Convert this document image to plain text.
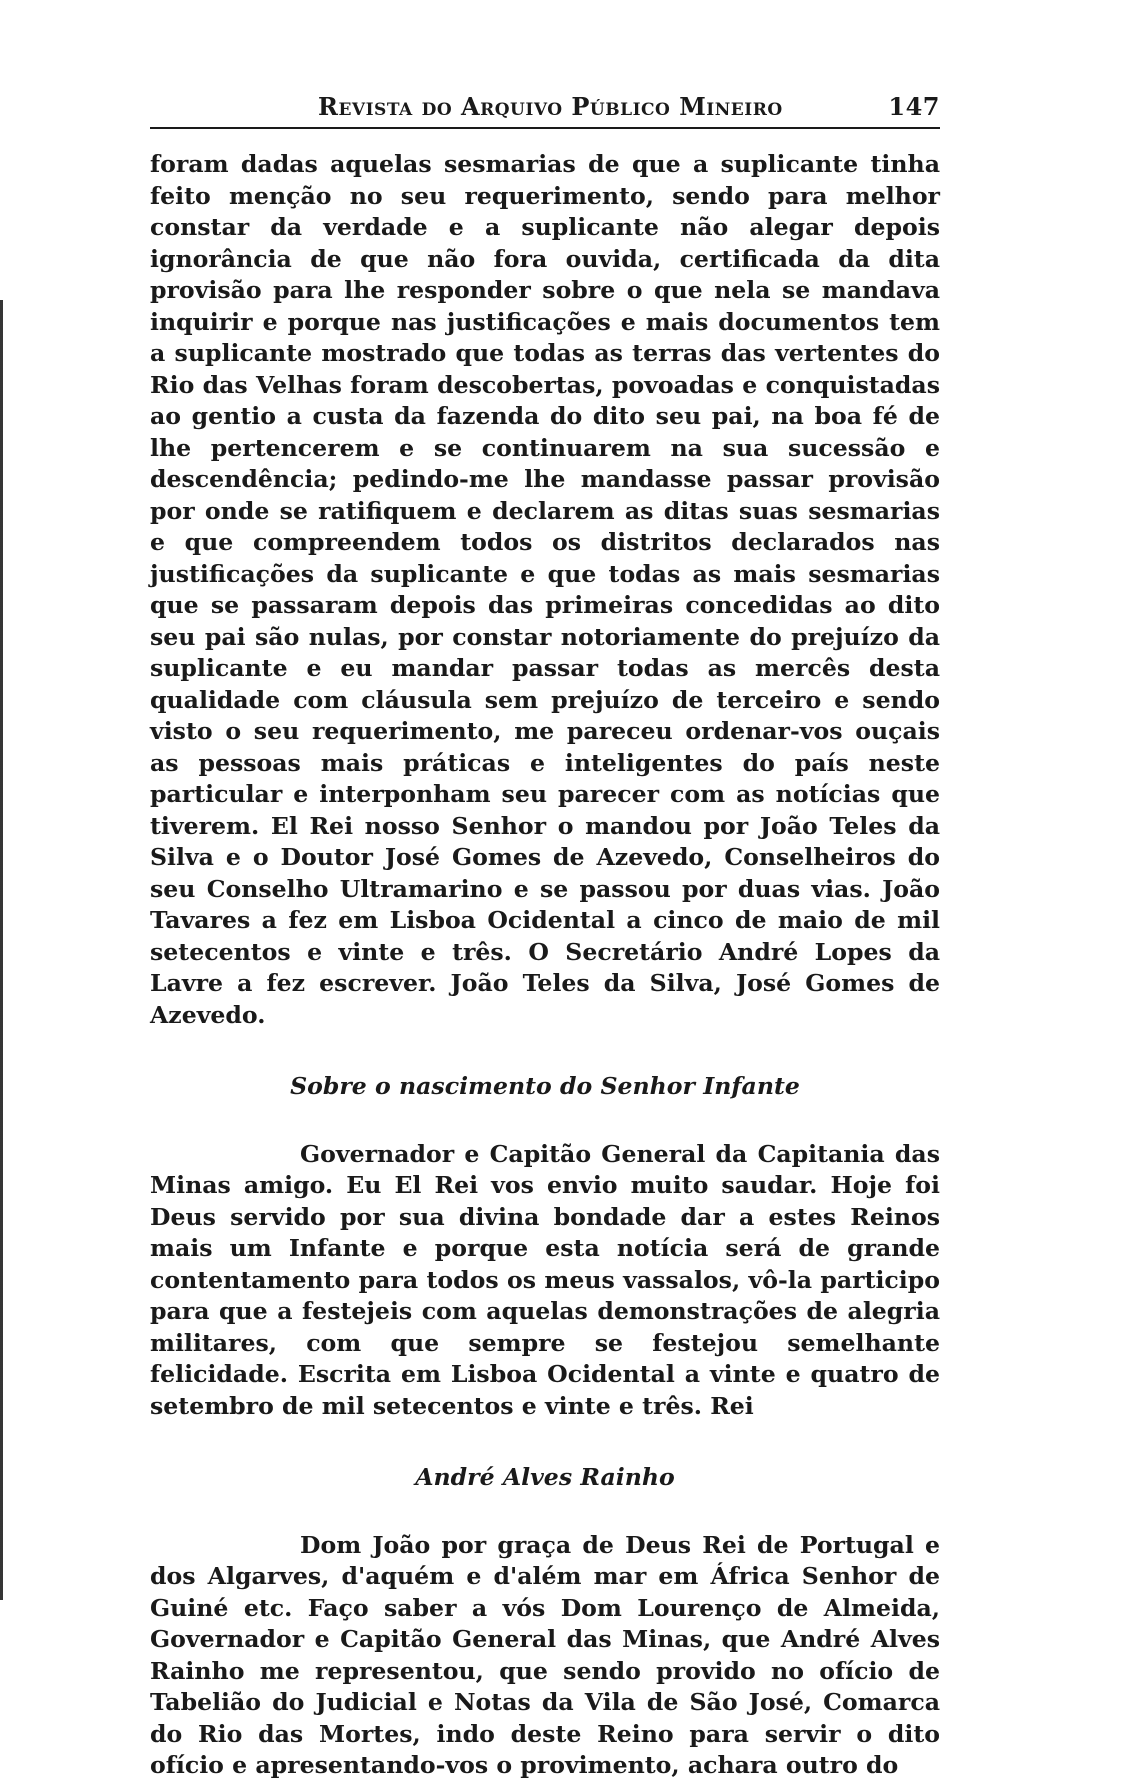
Revista do Arquivo Público Mineiro	147

foram dadas aquelas sesmarias de que a suplicante tinha feito menção no seu requerimento, sendo para melhor constar da verdade e a suplicante não alegar depois ignorância de que não fora ouvida, certificada da dita provisão para lhe responder sobre o que nela se mandava inquirir e porque nas justificações e mais documentos tem a suplicante mostrado que todas as terras das vertentes do Rio das Velhas foram descobertas, povoadas e conquistadas ao gentio a custa da fazenda do dito seu pai, na boa fé de lhe pertencerem e se continuarem na sua sucessão e descendência; pedindo-me lhe mandasse passar provisão por onde se ratifiquem e declarem as ditas suas sesmarias e que compreendem todos os distritos declarados nas justificações da suplicante e que todas as mais sesmarias que se passaram depois das primeiras concedidas ao dito seu pai são nulas, por constar notoriamente do prejuízo da suplicante e eu mandar passar todas as mercês desta qualidade com cláusula sem prejuízo de terceiro e sendo visto o seu requerimento, me pareceu ordenar-vos ouçais as pessoas mais práticas e inteligentes do país neste particular e interponham seu parecer com as notícias que tiverem. El Rei nosso Senhor o mandou por João Teles da Silva e o Doutor José Gomes de Azevedo, Conselheiros do seu Conselho Ultramarino e se passou por duas vias. João Tavares a fez em Lisboa Ocidental a cinco de maio de mil setecentos e vinte e três. O Secretário André Lopes da Lavre a fez escrever. João Teles da Silva, José Gomes de Azevedo.

Sobre o nascimento do Senhor Infante

Governador e Capitão General da Capitania das Minas amigo. Eu El Rei vos envio muito saudar. Hoje foi Deus servido por sua divina bondade dar a estes Reinos mais um Infante e porque esta notícia será de grande contentamento para todos os meus vassalos, vô-la participo para que a festejeis com aquelas demonstrações de alegria militares, com que sempre se festejou semelhante felicidade. Escrita em Lisboa Ocidental a vinte e quatro de setembro de mil setecentos e vinte e três. Rei

André Alves Rainho

Dom João por graça de Deus Rei de Portugal e dos Algarves, d'aquém e d'além mar em África Senhor de Guiné etc. Faço saber a vós Dom Lourenço de Almeida, Governador e Capitão General das Minas, que André Alves Rainho me representou, que sendo provido no ofício de Tabelião do Judicial e Notas da Vila de São José, Comarca do Rio das Mortes, indo deste Reino para servir o dito ofício e apresentando-vos o provimento, achara outro do
